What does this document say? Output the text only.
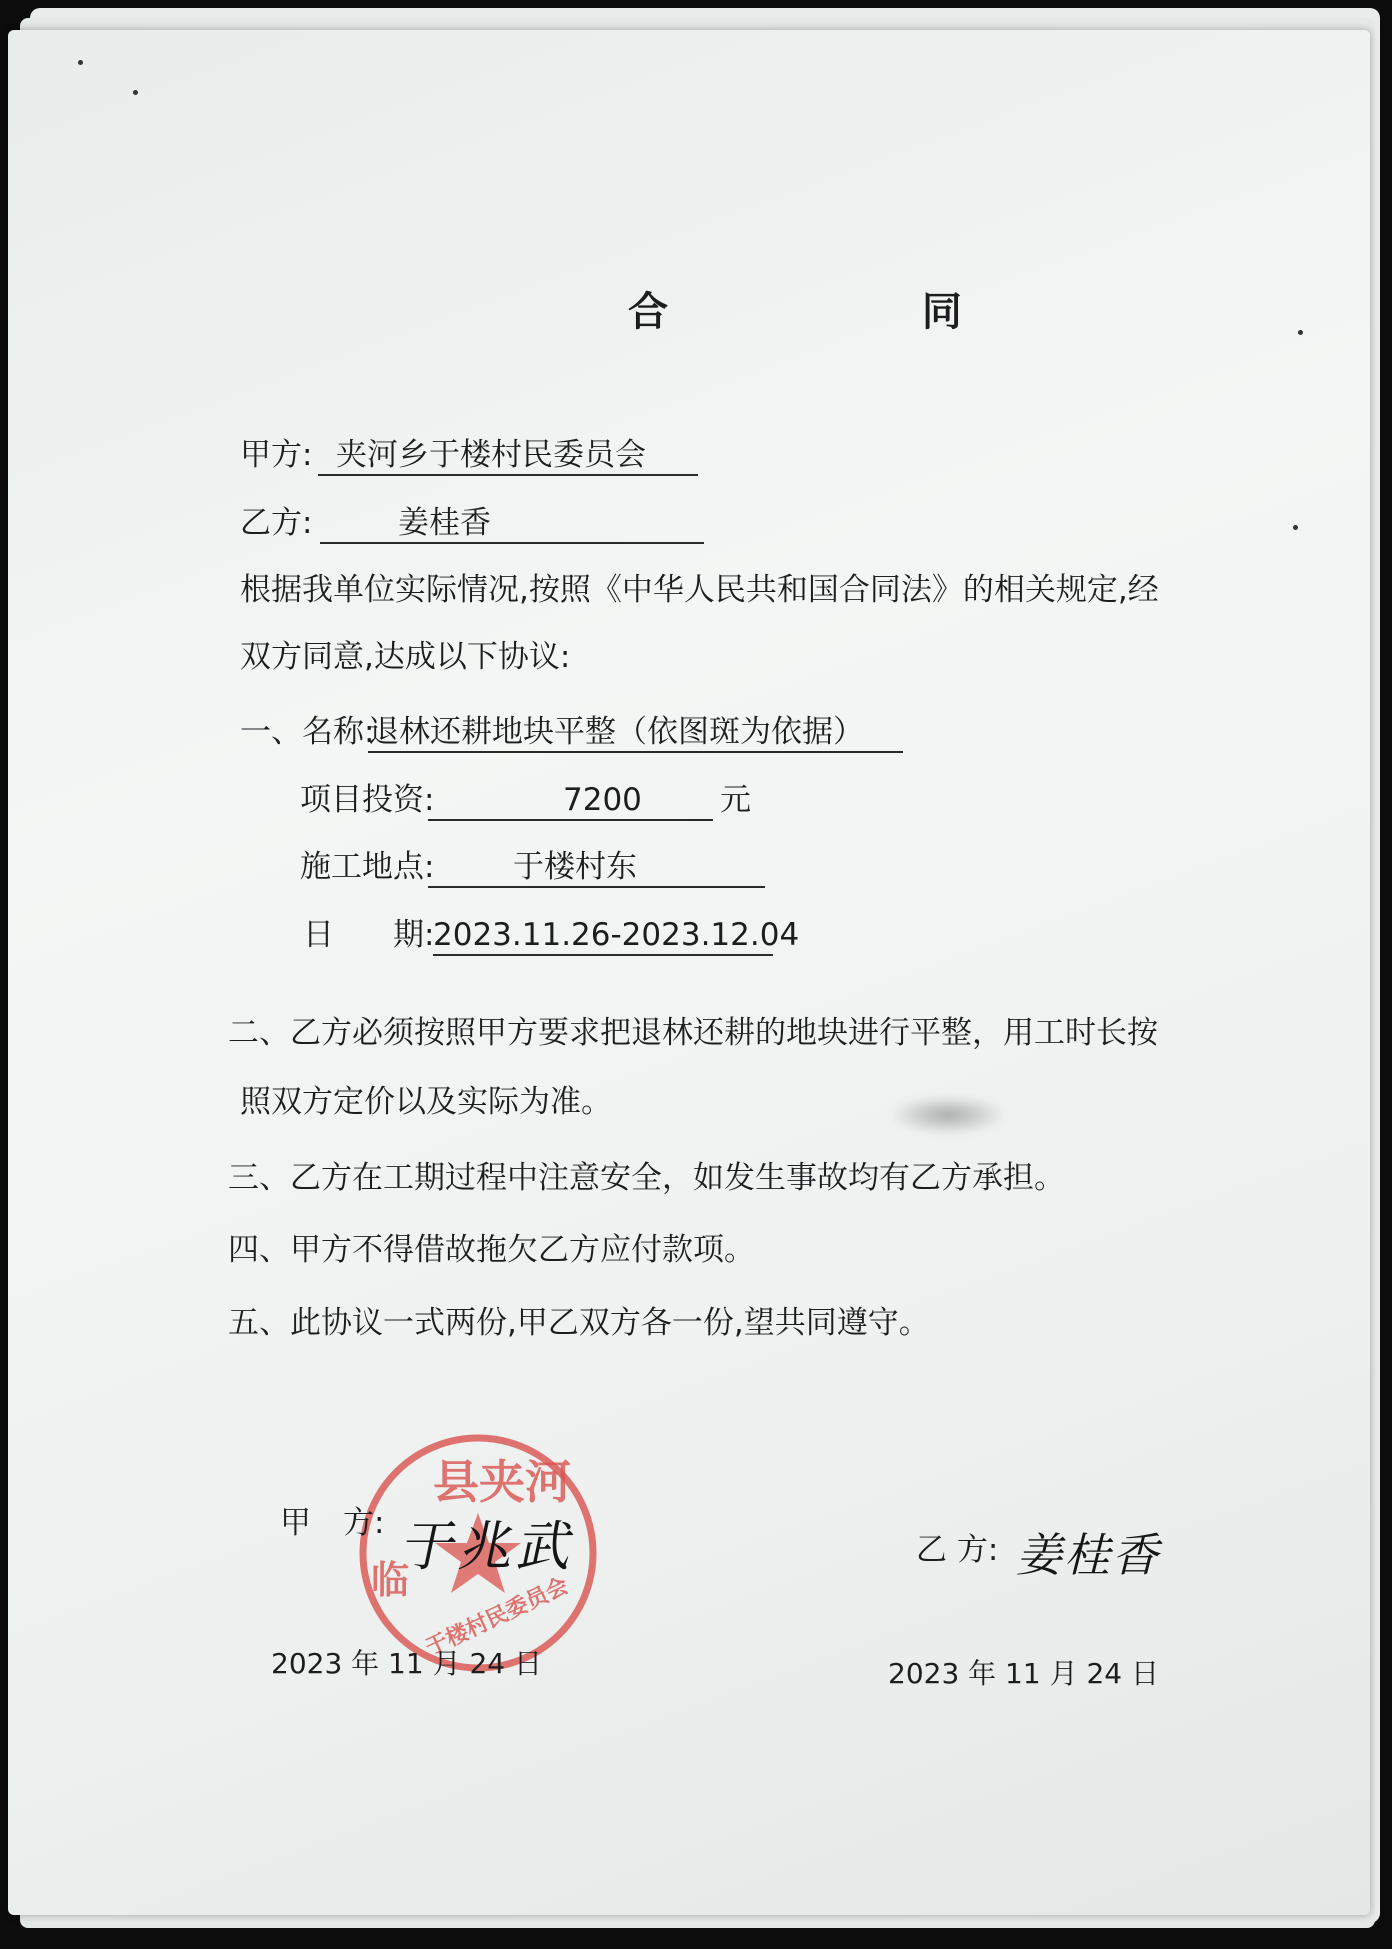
合 同
甲方: 夹河乡于楼村民委员会
乙方:	姜桂香
根据我单位实际情况,按照《中华人民共和国合同法》的相关规定,经
双方同意,达成以下协议:
一、名称:
退林还耕地块平整（依图斑为依据）
项目投资:	7200	元
施工地点:	于楼村东
日 期:
2023.11.26-2023.12.04
二、乙方必须按照甲方要求把退林还耕的地块进行平整，用工时长按
照双方定价以及实际为准。
三、乙方在工期过程中注意安全，如发生事故均有乙方承担。
四、甲方不得借故拖欠乙方应付款项。
五、此协议一式两份,甲乙双方各一份,望共同遵守。
县夹河
临 于楼村民委员会
甲 方: 于兆武
2023 年 11 月 24 日
乙 方: 姜桂香
2023 年 11 月 24 日
